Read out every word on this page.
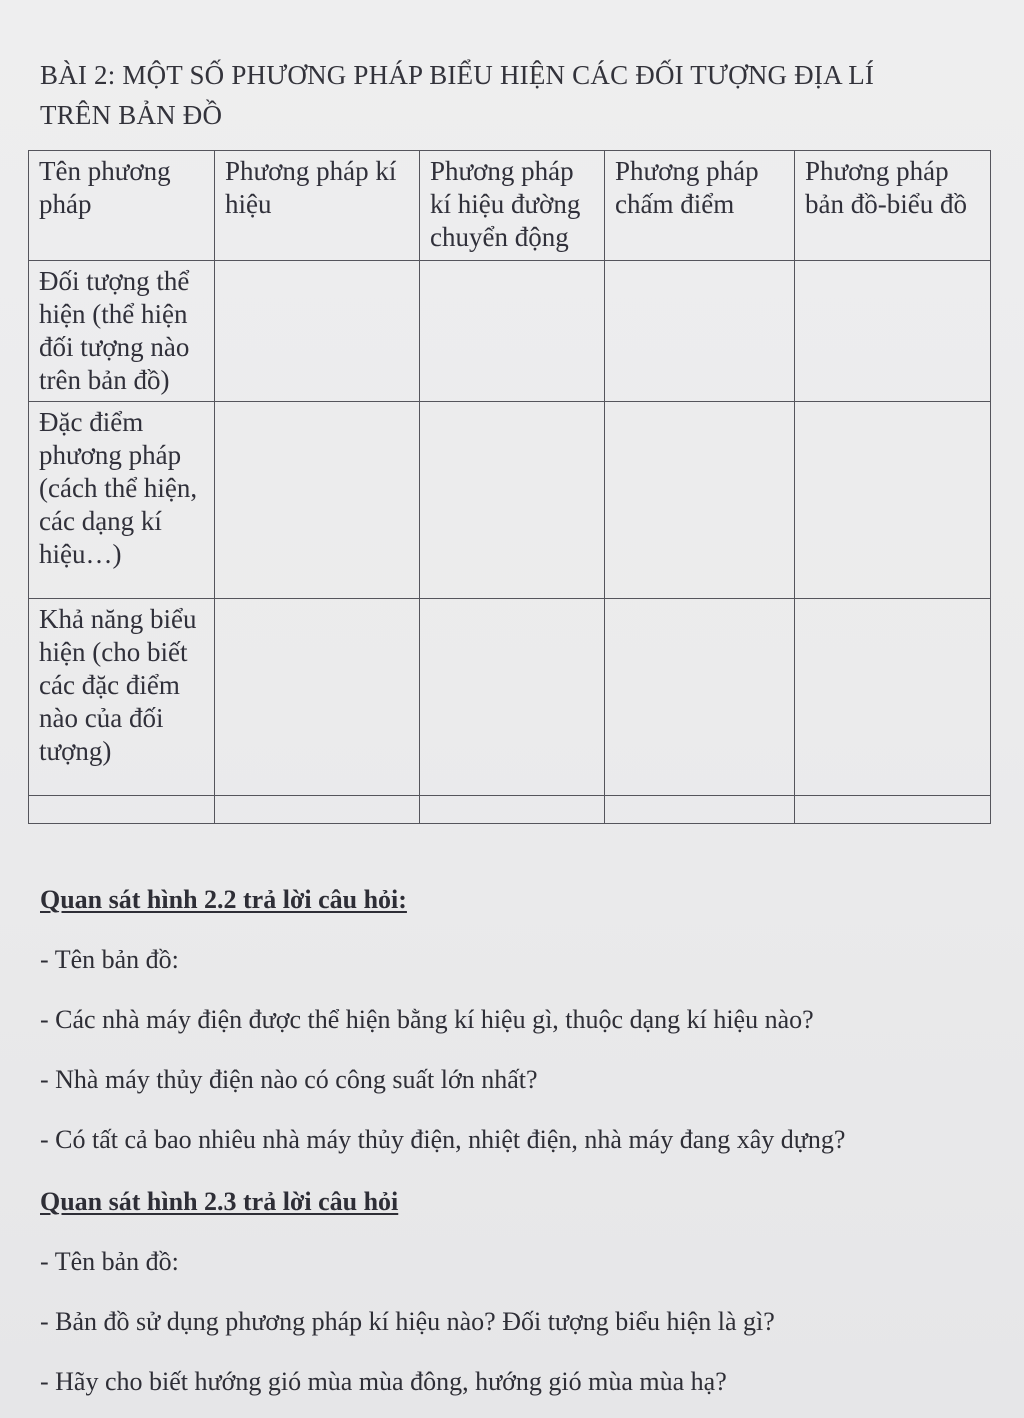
BÀI 2: MỘT SỐ PHƯƠNG PHÁP BIỂU HIỆN CÁC ĐỐI TƯỢNG ĐỊA LÍ
TRÊN BẢN ĐỒ
Tên phương pháp	Phương pháp kí hiệu	Phương pháp kí hiệu đường chuyển động	Phương pháp chấm điểm	Phương pháp bản đồ-biểu đồ
Đối tượng thể hiện (thể hiện đối tượng nào trên bản đồ)				
Đặc điểm phương pháp (cách thể hiện, các dạng kí hiệu…)				
Khả năng biểu hiện (cho biết các đặc điểm nào của đối tượng)				

Quan sát hình 2.2 trả lời câu hỏi:
- Tên bản đồ:
- Các nhà máy điện được thể hiện bằng kí hiệu gì, thuộc dạng kí hiệu nào?
- Nhà máy thủy điện nào có công suất lớn nhất?
- Có tất cả bao nhiêu nhà máy thủy điện, nhiệt điện, nhà máy đang xây dựng?
Quan sát hình 2.3 trả lời câu hỏi
- Tên bản đồ:
- Bản đồ sử dụng phương pháp kí hiệu nào? Đối tượng biểu hiện là gì?
- Hãy cho biết hướng gió mùa mùa đông, hướng gió mùa mùa hạ?
